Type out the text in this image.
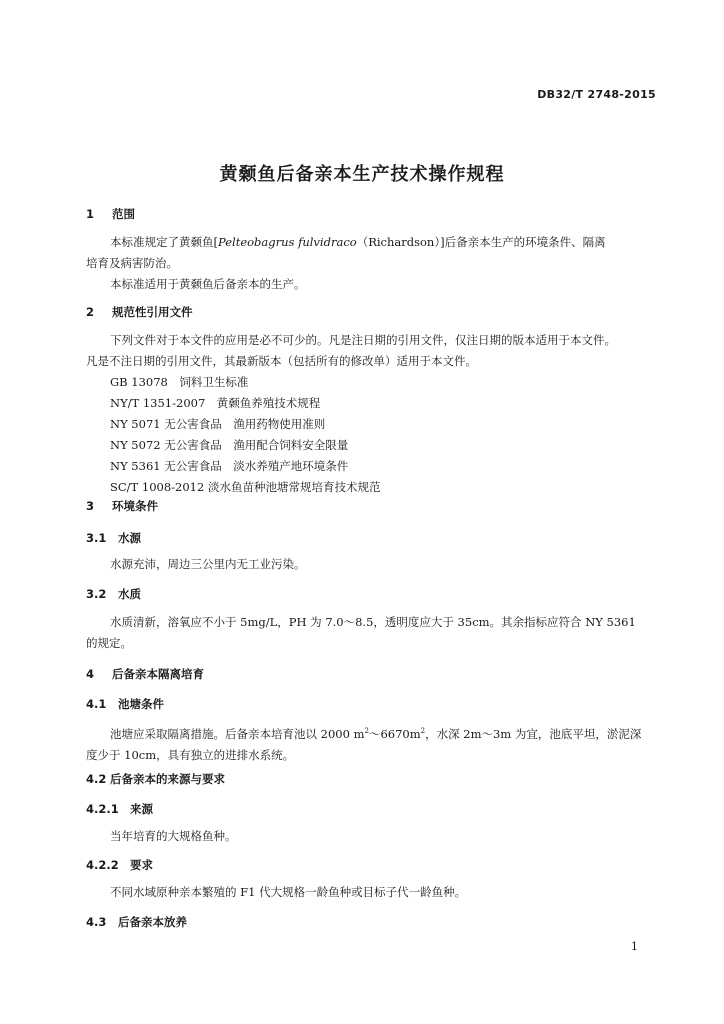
DB32/T 2748-2015
黄颡鱼后备亲本生产技术操作规程
1 范围
本标准规定了黄颡鱼[Pelteobagrus fulvidraco（Richardson）]后备亲本生产的环境条件、隔离
培育及病害防治。
本标准适用于黄颡鱼后备亲本的生产。
2 规范性引用文件
下列文件对于本文件的应用是必不可少的。凡是注日期的引用文件，仅注日期的版本适用于本文件。
凡是不注日期的引用文件，其最新版本（包括所有的修改单）适用于本文件。
GB 13078　饲料卫生标准
NY/T 1351-2007　黄颡鱼养殖技术规程
NY 5071 无公害食品　渔用药物使用准则
NY 5072 无公害食品　渔用配合饲料安全限量
NY 5361 无公害食品　淡水养殖产地环境条件
SC/T 1008-2012 淡水鱼苗种池塘常规培育技术规范
3 环境条件
3.1 水源
水源充沛，周边三公里内无工业污染。
3.2 水质
水质清新，溶氧应不小于 5mg/L，PH 为 7.0～8.5，透明度应大于 35cm。其余指标应符合 NY 5361
的规定。
4 后备亲本隔离培育
4.1 池塘条件
池塘应采取隔离措施。后备亲本培育池以 2000 $m^2\sim 6670m^2$，水深 2m～3m 为宜，池底平坦，淤泥深
度少于 10cm，具有独立的进排水系统。
4.2 后备亲本的来源与要求
4.2.1 来源
当年培育的大规格鱼种。
4.2.2 要求
不同水域原种亲本繁殖的 F1 代大规格一龄鱼种或目标子代一龄鱼种。
4.3 后备亲本放养
1
